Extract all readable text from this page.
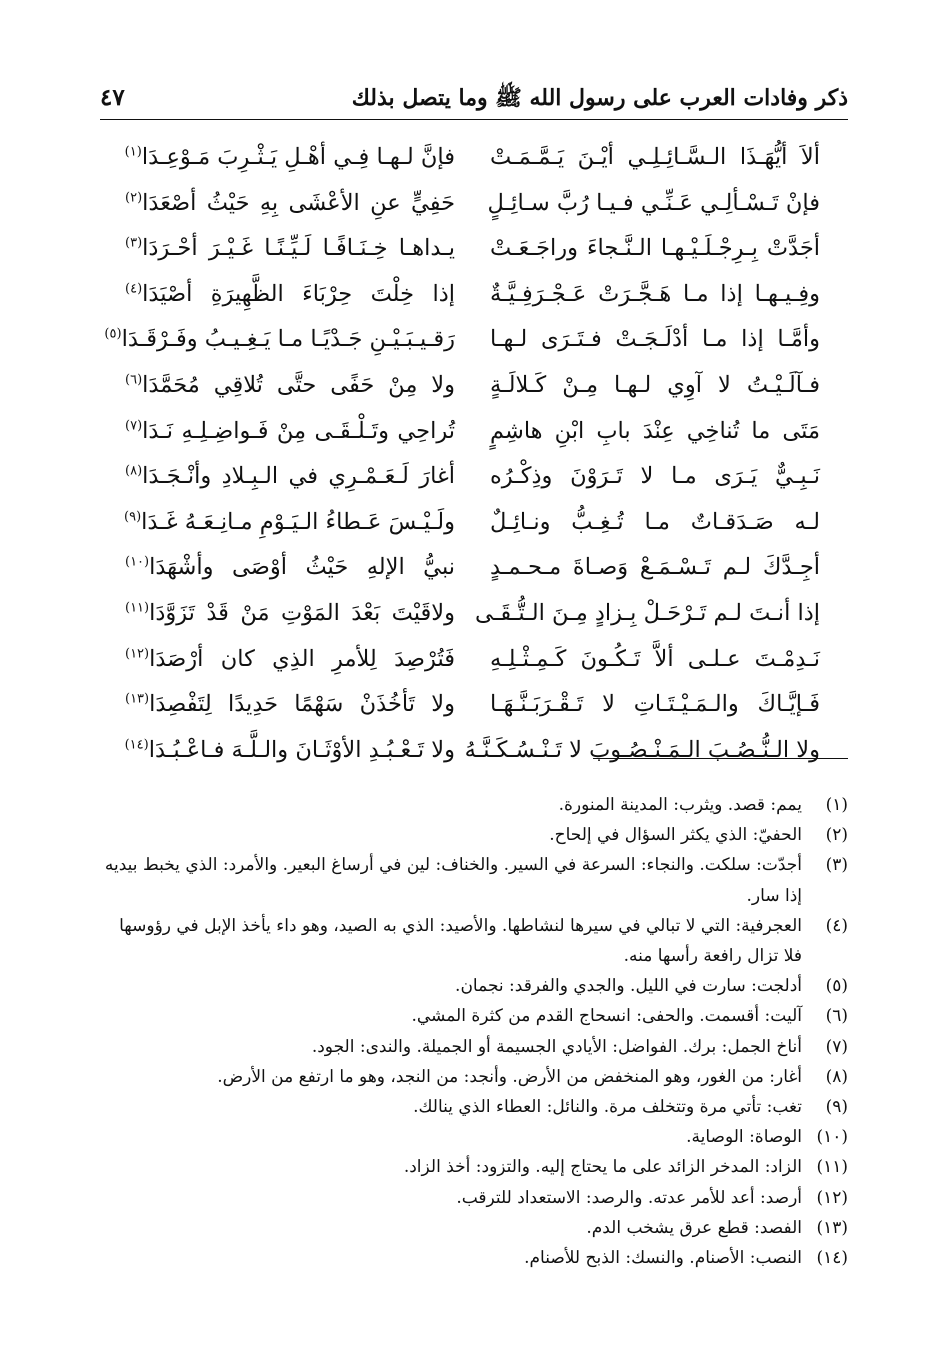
ذكر وفادات العرب على رسول الله ﷺ وما يتصل بذلك
٤٧
ألاَ أيُّهَـذَا الـسَّـائِـلِـي أيْـنَ يَـمَّـمَـتْ
فإنَّ لـهـا فِـي أهْـلِ يَـثْـرِبَ مَـوْعِـدَا$^{(١)}$
فإنْ تَـسْـألِـي عَـنِّـي فـيـا رُبَّ سـائِـلٍ
حَفِيٍّ عنِ الأعْشَى بِهِ حَيْثُ أصْعَدَا$^{(٢)}$
أجَدَّتْ بِـرِجْـلَـيْـهـا الـنَّـجاءَ وراجَـعَـتْ
يـداهـا خِـنَـافًـا لَـيِّـنًـا غَـيْـرَ أحْـرَدَا$^{(٣)}$
وفِـيـهـا إذا مـا هَـجَّـرَتْ عَـجْـرَفِـيَّـةٌ
إذا خِلْتَ حِرْبَاءَ الظَّهِيرَةِ أصْيَدَا$^{(٤)}$
وأمَّـا إذا مـا أدْلَـجَـتْ فـتَـرَى لـهـا
رَقـيـبَـيْـنِ جَـدْيًـا مـا يَـغِـيـبُ وفَـرْقَـدَا$^{(٥)}$
فـآلَـيْـتُ لا آوِي لـهـا مِـنْ كَـلالَـةٍ
ولا مِنْ حَفًى حتَّى تُلاقِي مُحَمَّدَا$^{(٦)}$
مَتَى ما تُناخِي عِنْدَ بابِ ابْنِ هاشِمٍ
تُراحِي وتَـلْـقَـى مِنْ فَـواضِـلِـهِ نَـدَا$^{(٧)}$
نَـبِـيٌّ يَـرَى مـا لا تَـرَوْنَ وذِكْـرُه
أغارَ لَـعَـمْـرِي في الـبِـلادِ وأنْـجَـدَا$^{(٨)}$
لـه صَـدَقـاتٌ مـا تُـغِـبُّ ونـائِـلٌ
ولَـيْـسَ عَـطاءُ الـيَـوْمِ مـانِـعَـهُ غَـدَا$^{(٩)}$
أجِـدَّكَ لـم تَـسْـمَـعْ وَصـاةَ مـحـمـدٍ
نبيُّ الإلهِ حَيْثُ أوْصَى وأشْهَدَا$^{(١٠)}$
إذا أنـتَ لـم تَـرْحَـلْ بِـزادٍ مِـنَ الـتُّـقَـى
ولاقَيْتَ بَعْدَ المَوْتِ مَنْ قَدْ تَزَوَّدَا$^{(١١)}$
نَـدِمْـتَ عـلـى ألاَّ تَـكُـونَ كَـمِـثْـلِـهِ
فَتُرْصِدَ لِلأمرِ الذِي كان أرْصَدَا$^{(١٢)}$
فَـإيَّـاكَ والـمَـيْـتَـاتِ لا تَـقْـرَبَـنَّـهَـا
ولا تَأخُذَنْ سَهْمًا حَدِيدًا لِتَفْصِدَا$^{(١٣)}$
ولا الـنُّـصُـبَ الـمَـنْـصُـوبَ لا تَـنْـسُـكَـنَّـهُ
ولا تَـعْـبُـدِ الأوْثَـانَ والـلَّـهَ فـاعْـبُـدَا$^{(١٤)}$
(١)
يمم: قصد. ويثرب: المدينة المنورة.
(٢)
الحفيّ: الذي يكثر السؤال في إلحاح.
(٣)
أجدّت: سلكت. والنجاء: السرعة في السير. والخناف: لين في أرساغ البعير. والأمرد: الذي يخبط بيديه إذا سار.
(٤)
العجرفية: التي لا تبالي في سيرها لنشاطها. والأصيد: الذي به الصيد، وهو داء يأخذ الإبل في رؤوسها فلا تزال رافعة رأسها منه.
(٥)
أدلجت: سارت في الليل. والجدي والفرقد: نجمان.
(٦)
آليت: أقسمت. والحفى: انسحاج القدم من كثرة المشي.
(٧)
أناخ الجمل: برك. الفواضل: الأيادي الجسيمة أو الجميلة. والندى: الجود.
(٨)
أغار: من الغور، وهو المنخفض من الأرض. وأنجد: من النجد، وهو ما ارتفع من الأرض.
(٩)
تغب: تأتي مرة وتتخلف مرة. والنائل: العطاء الذي ينالك.
(١٠)
الوصاة: الوصاية.
(١١)
الزاد: المدخر الزائد على ما يحتاج إليه. والتزود: أخذ الزاد.
(١٢)
أرصد: أعد للأمر عدته. والرصد: الاستعداد للترقب.
(١٣)
الفصد: قطع عرق يشخب الدم.
(١٤)
النصب: الأصنام. والنسك: الذبح للأصنام.
